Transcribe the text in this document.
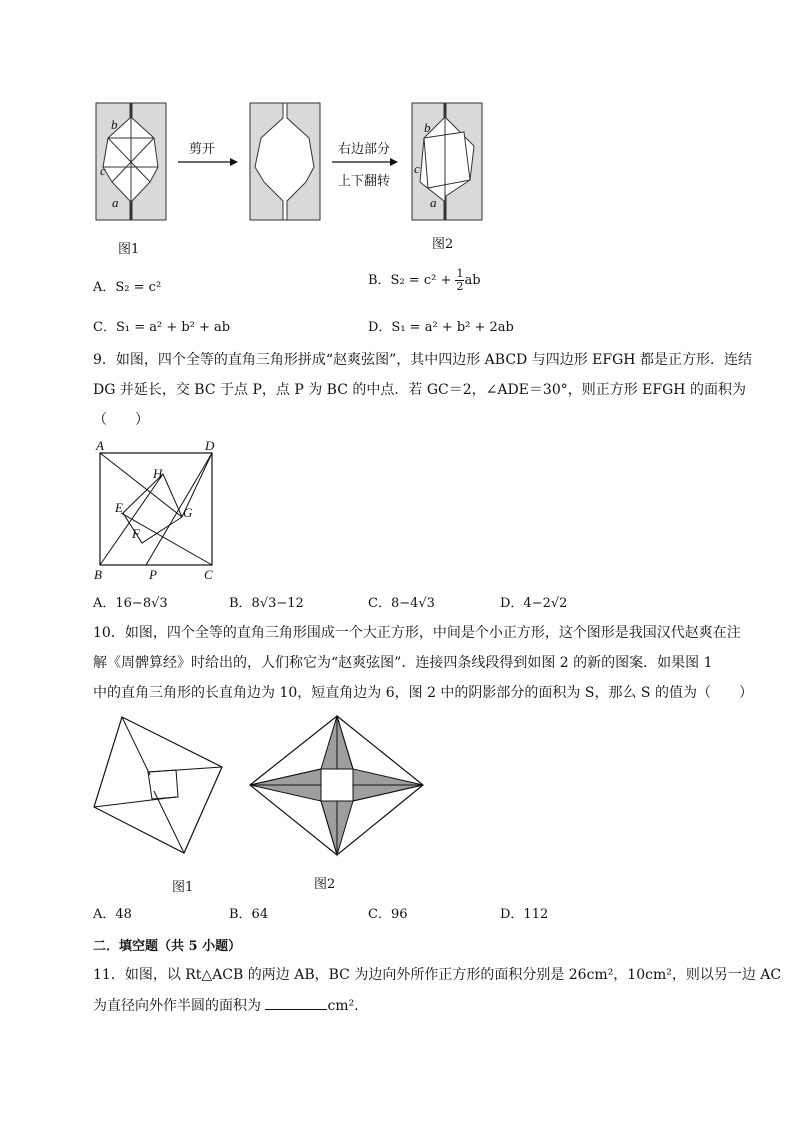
b
c
a
b
c
a
剪开	右边部分
上下翻转
图1	图2
A．S₂ = c²	B．$S_2 = c^2 + \frac{1}{2}$ ab
C．S₁ = a² + b² + ab	D．S₁ = a² + b² + 2ab
9．如图，四个全等的直角三角形拼成“赵爽弦图”，其中四边形 ABCD 与四边形 EFGH 都是正方形．连结
DG 并延长，交 BC 于点 P，点 P 为 BC 的中点．若 GC＝2，∠ADE＝30°，则正方形 EFGH 的面积为
（　　）
A	D
H
E	G
F
B	P	C
A．16−8√3	B．8√3−12	C．8−4√3	D．4−2√2
10．如图，四个全等的直角三角形围成一个大正方形，中间是个小正方形，这个图形是我国汉代赵爽在注
解《周髀算经》时给出的，人们称它为“赵爽弦图”．连接四条线段得到如图 2 的新的图案．如果图 1
中的直角三角形的长直角边为 10，短直角边为 6，图 2 中的阴影部分的面积为 S，那么 S 的值为（　　）
图1	图2
A．48	B．64	C．96	D．112
二．填空题（共 5 小题）
11．如图，以 Rt△ACB 的两边 AB，BC 为边向外所作正方形的面积分别是 26cm²，10cm²，则以另一边 AC
为直径向外作半圆的面积为	cm².
